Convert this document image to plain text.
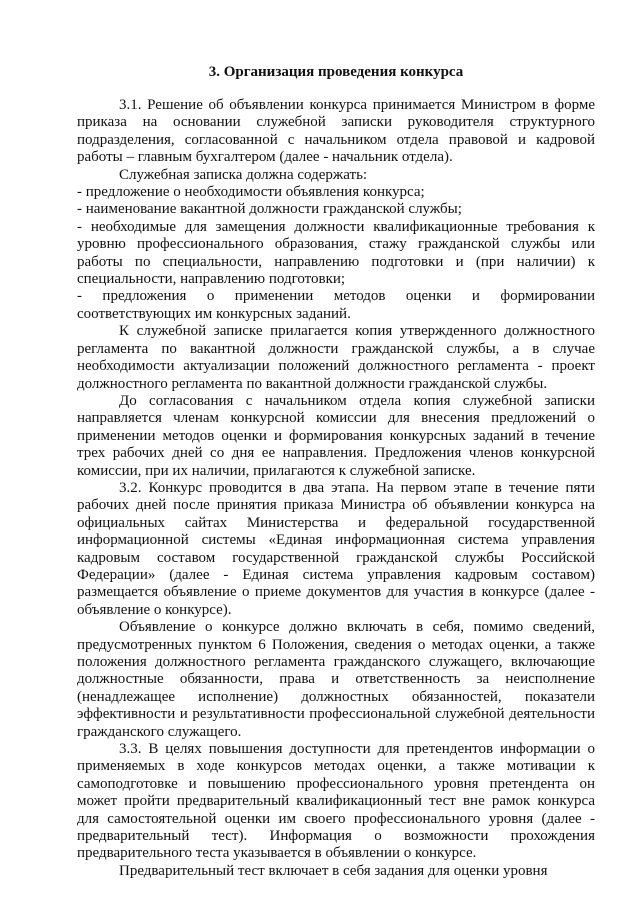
3. Организация проведения конкурса

3.1. Решение об объявлении конкурса принимается Министром в форме приказа на основании служебной записки руководителя структурного подразделения, согласованной с начальником отдела правовой и кадровой работы – главным бухгалтером (далее - начальник отдела).

Служебная записка должна содержать:

- предложение о необходимости объявления конкурса;

- наименование вакантной должности гражданской службы;

- необходимые для замещения должности квалификационные требования к уровню профессионального образования, стажу гражданской службы или работы по специальности, направлению подготовки и (при наличии) к специальности, направлению подготовки;

- предложения о применении методов оценки и формировании соответствующих им конкурсных заданий.

К служебной записке прилагается копия утвержденного должностного регламента по вакантной должности гражданской службы, а в случае необходимости актуализации положений должностного регламента - проект должностного регламента по вакантной должности гражданской службы.

До согласования с начальником отдела копия служебной записки направляется членам конкурсной комиссии для внесения предложений о применении методов оценки и формирования конкурсных заданий в течение трех рабочих дней со дня ее направления. Предложения членов конкурсной комиссии, при их наличии, прилагаются к служебной записке.

3.2. Конкурс проводится в два этапа. На первом этапе в течение пяти рабочих дней после принятия приказа Министра об объявлении конкурса на официальных сайтах Министерства и федеральной государственной информационной системы «Единая информационная система управления кадровым составом государственной гражданской службы Российской Федерации» (далее - Единая система управления кадровым составом) размещается объявление о приеме документов для участия в конкурсе (далее - объявление о конкурсе).

Объявление о конкурсе должно включать в себя, помимо сведений, предусмотренных пунктом 6 Положения, сведения о методах оценки, а также положения должностного регламента гражданского служащего, включающие должностные обязанности, права и ответственность за неисполнение (ненадлежащее исполнение) должностных обязанностей, показатели эффективности и результативности профессиональной служебной деятельности гражданского служащего.

3.3. В целях повышения доступности для претендентов информации о применяемых в ходе конкурсов методах оценки, а также мотивации к самоподготовке и повышению профессионального уровня претендента он может пройти предварительный квалификационный тест вне рамок конкурса для самостоятельной оценки им своего профессионального уровня (далее - предварительный тест). Информация о возможности прохождения предварительного теста указывается в объявлении о конкурсе.

Предварительный тест включает в себя задания для оценки уровня
